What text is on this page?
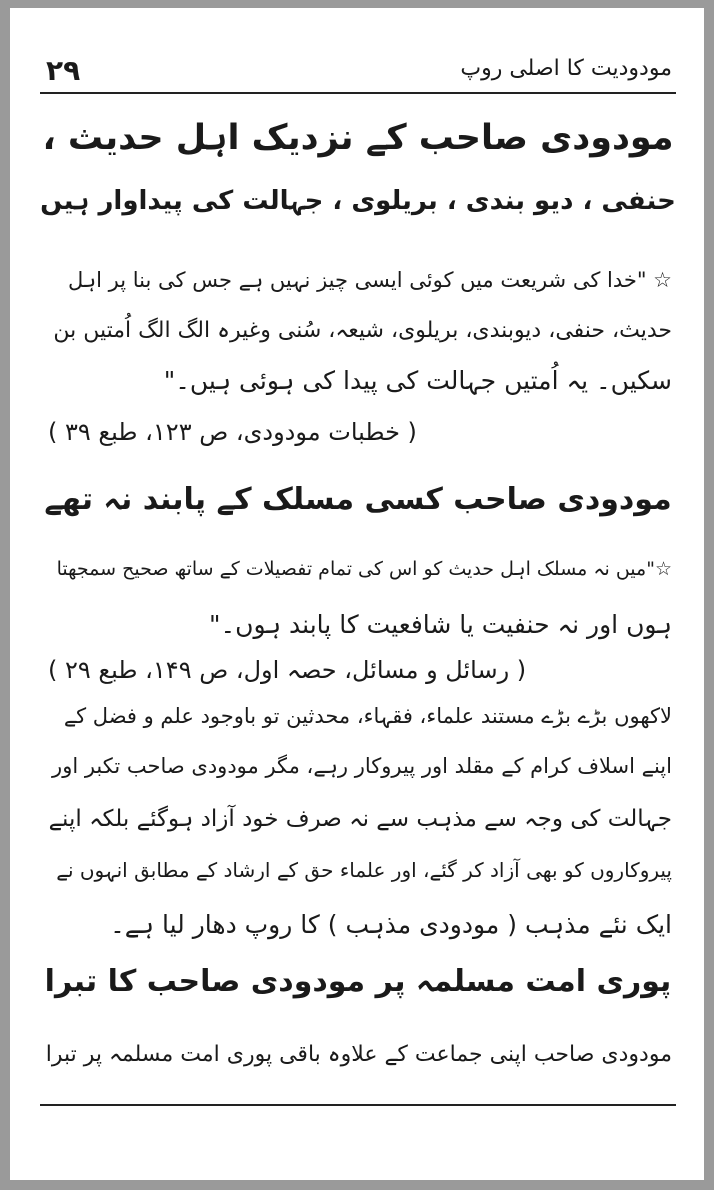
مودودیت کا اصلی روپ
۲۹
مودودی صاحب کے نزدیک اہل حدیث ،
حنفی ، دیو بندی ، بریلوی ، جہالت کی پیداوار ہیں
☆ "خدا کی شریعت میں کوئی ایسی چیز نہیں ہے جس کی بنا پر اہل
حدیث، حنفی، دیوبندی، بریلوی، شیعہ، سُنی وغیرہ الگ الگ اُمتیں بن
سکیں۔ یہ اُمتیں جہالت کی پیدا کی ہوئی ہیں۔"
( خطبات مودودی، ص ۱۲۳، طبع ۳۹ )
مودودی صاحب کسی مسلک کے پابند نہ تھے
☆"میں نہ مسلک اہل حدیث کو اس کی تمام تفصیلات کے ساتھ صحیح سمجھتا
ہوں اور نہ حنفیت یا شافعیت کا پابند ہوں۔"
( رسائل و مسائل، حصہ اول، ص ۱۴۹، طبع ۲۹ )
لاکھوں بڑے بڑے مستند علماء، فقہاء، محدثین تو باوجود علم و فضل کے
اپنے اسلاف کرام کے مقلد اور پیروکار رہے، مگر مودودی صاحب تکبر اور
جہالت کی وجہ سے مذہب سے نہ صرف خود آزاد ہوگئے بلکہ اپنے
پیروکاروں کو بھی آزاد کر گئے، اور علماء حق کے ارشاد کے مطابق انہوں نے
ایک نئے مذہب ( مودودی مذہب ) کا روپ دھار لیا ہے۔
پوری امت مسلمہ پر مودودی صاحب کا تبرا
مودودی صاحب اپنی جماعت کے علاوہ باقی پوری امت مسلمہ پر تبرا
